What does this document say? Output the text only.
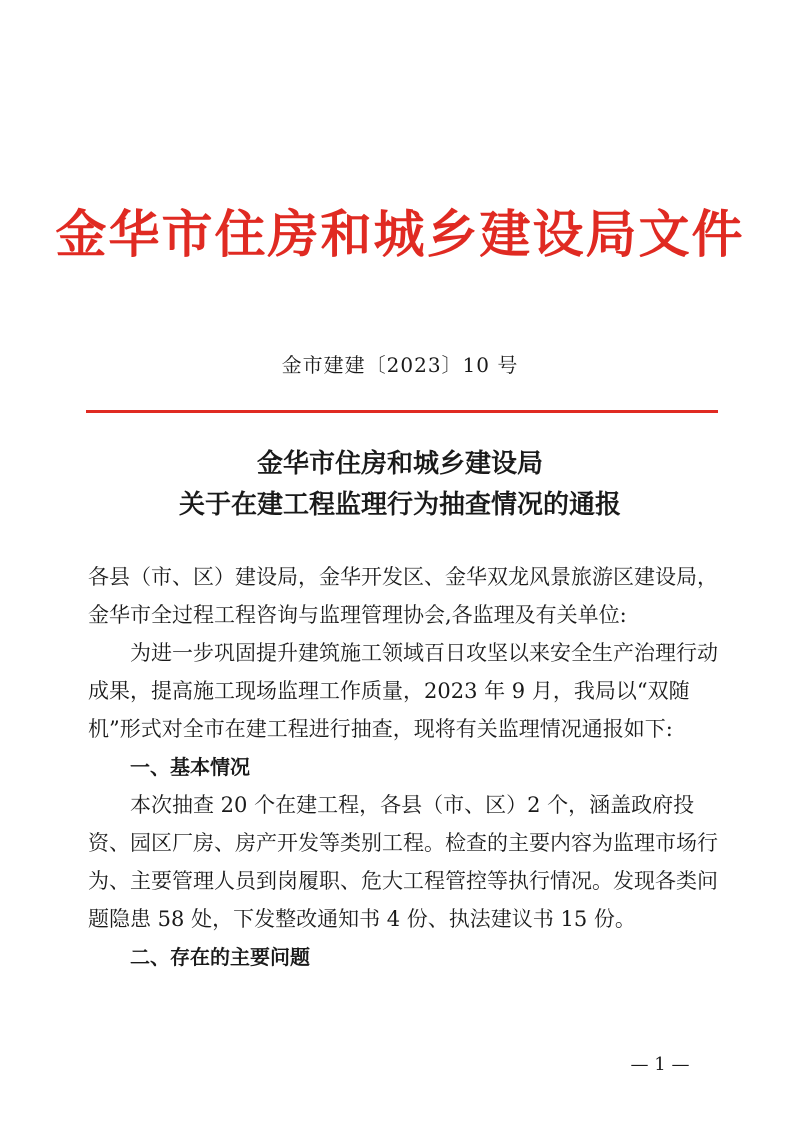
金华市住房和城乡建设局文件
金市建建〔2023〕10 号
金华市住房和城乡建设局
关于在建工程监理行为抽查情况的通报

各县（市、区）建设局，金华开发区、金华双龙风景旅游区建设局，金华市全过程工程咨询与监理管理协会,各监理及有关单位:

为进一步巩固提升建筑施工领域百日攻坚以来安全生产治理行动成果，提高施工现场监理工作质量，2023 年 9 月，我局以“双随机”形式对全市在建工程进行抽查，现将有关监理情况通报如下:

一、基本情况

本次抽查 20 个在建工程，各县（市、区）2 个，涵盖政府投资、园区厂房、房产开发等类别工程。检查的主要内容为监理市场行为、主要管理人员到岗履职、危大工程管控等执行情况。发现各类问题隐患 58 处，下发整改通知书 4 份、执法建议书 15 份。

二、存在的主要问题

— 1 —
